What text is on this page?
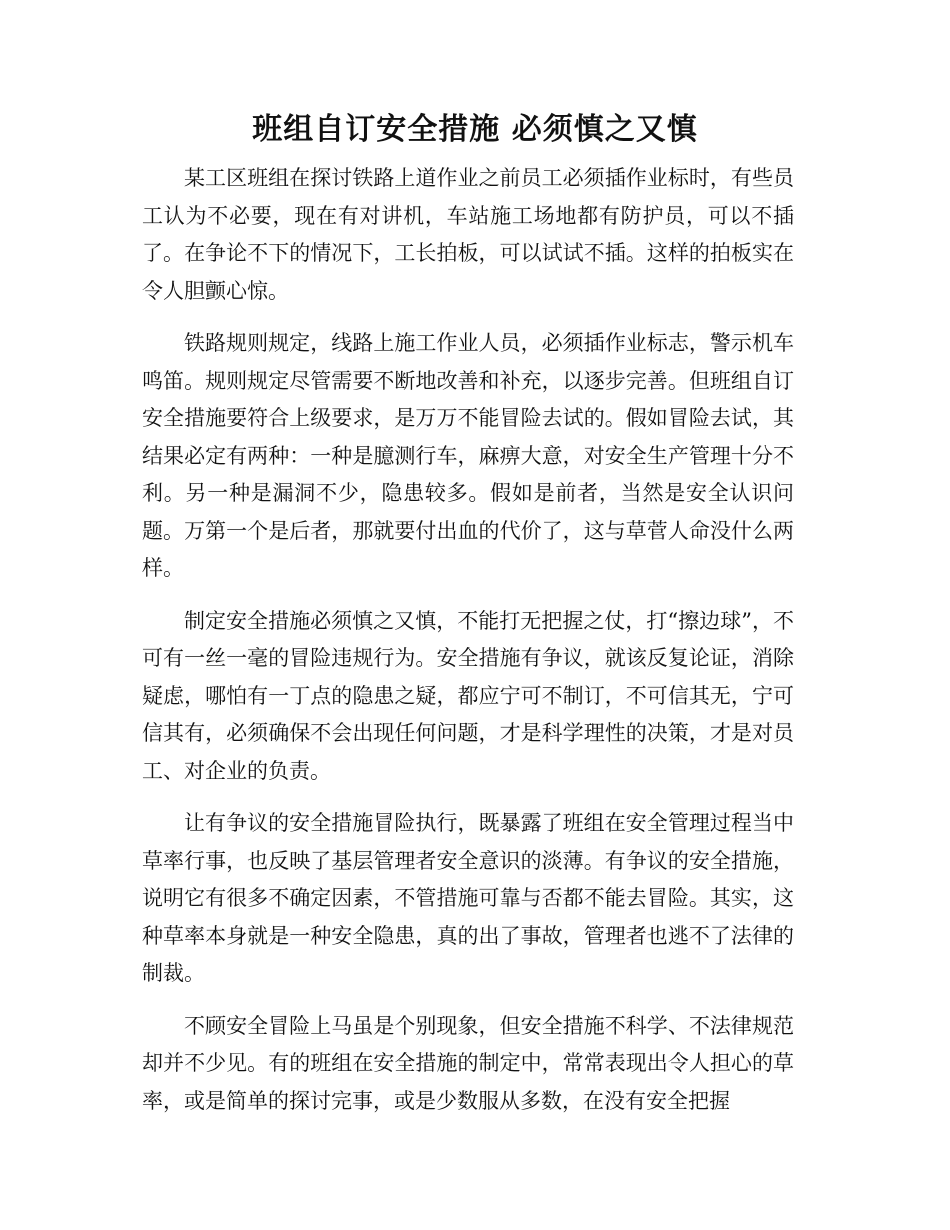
班组自订安全措施 必须慎之又慎

某工区班组在探讨铁路上道作业之前员工必须插作业标时，有些员工认为不必要，现在有对讲机，车站施工场地都有防护员，可以不插了。在争论不下的情况下，工长拍板，可以试试不插。这样的拍板实在令人胆颤心惊。

铁路规则规定，线路上施工作业人员，必须插作业标志，警示机车鸣笛。规则规定尽管需要不断地改善和补充，以逐步完善。但班组自订安全措施要符合上级要求，是万万不能冒险去试的。假如冒险去试，其结果必定有两种：一种是臆测行车，麻痹大意，对安全生产管理十分不利。另一种是漏洞不少，隐患较多。假如是前者，当然是安全认识问题。万第一个是后者，那就要付出血的代价了，这与草菅人命没什么两样。

制定安全措施必须慎之又慎，不能打无把握之仗，打“擦边球”，不可有一丝一毫的冒险违规行为。安全措施有争议，就该反复论证，消除疑虑，哪怕有一丁点的隐患之疑，都应宁可不制订，不可信其无，宁可信其有，必须确保不会出现任何问题，才是科学理性的决策，才是对员工、对企业的负责。

让有争议的安全措施冒险执行，既暴露了班组在安全管理过程当中草率行事，也反映了基层管理者安全意识的淡薄。有争议的安全措施，说明它有很多不确定因素，不管措施可靠与否都不能去冒险。其实，这种草率本身就是一种安全隐患，真的出了事故，管理者也逃不了法律的制裁。

不顾安全冒险上马虽是个别现象，但安全措施不科学、不法律规范却并不少见。有的班组在安全措施的制定中，常常表现出令人担心的草率，或是简单的探讨完事，或是少数服从多数，在没有安全把握
